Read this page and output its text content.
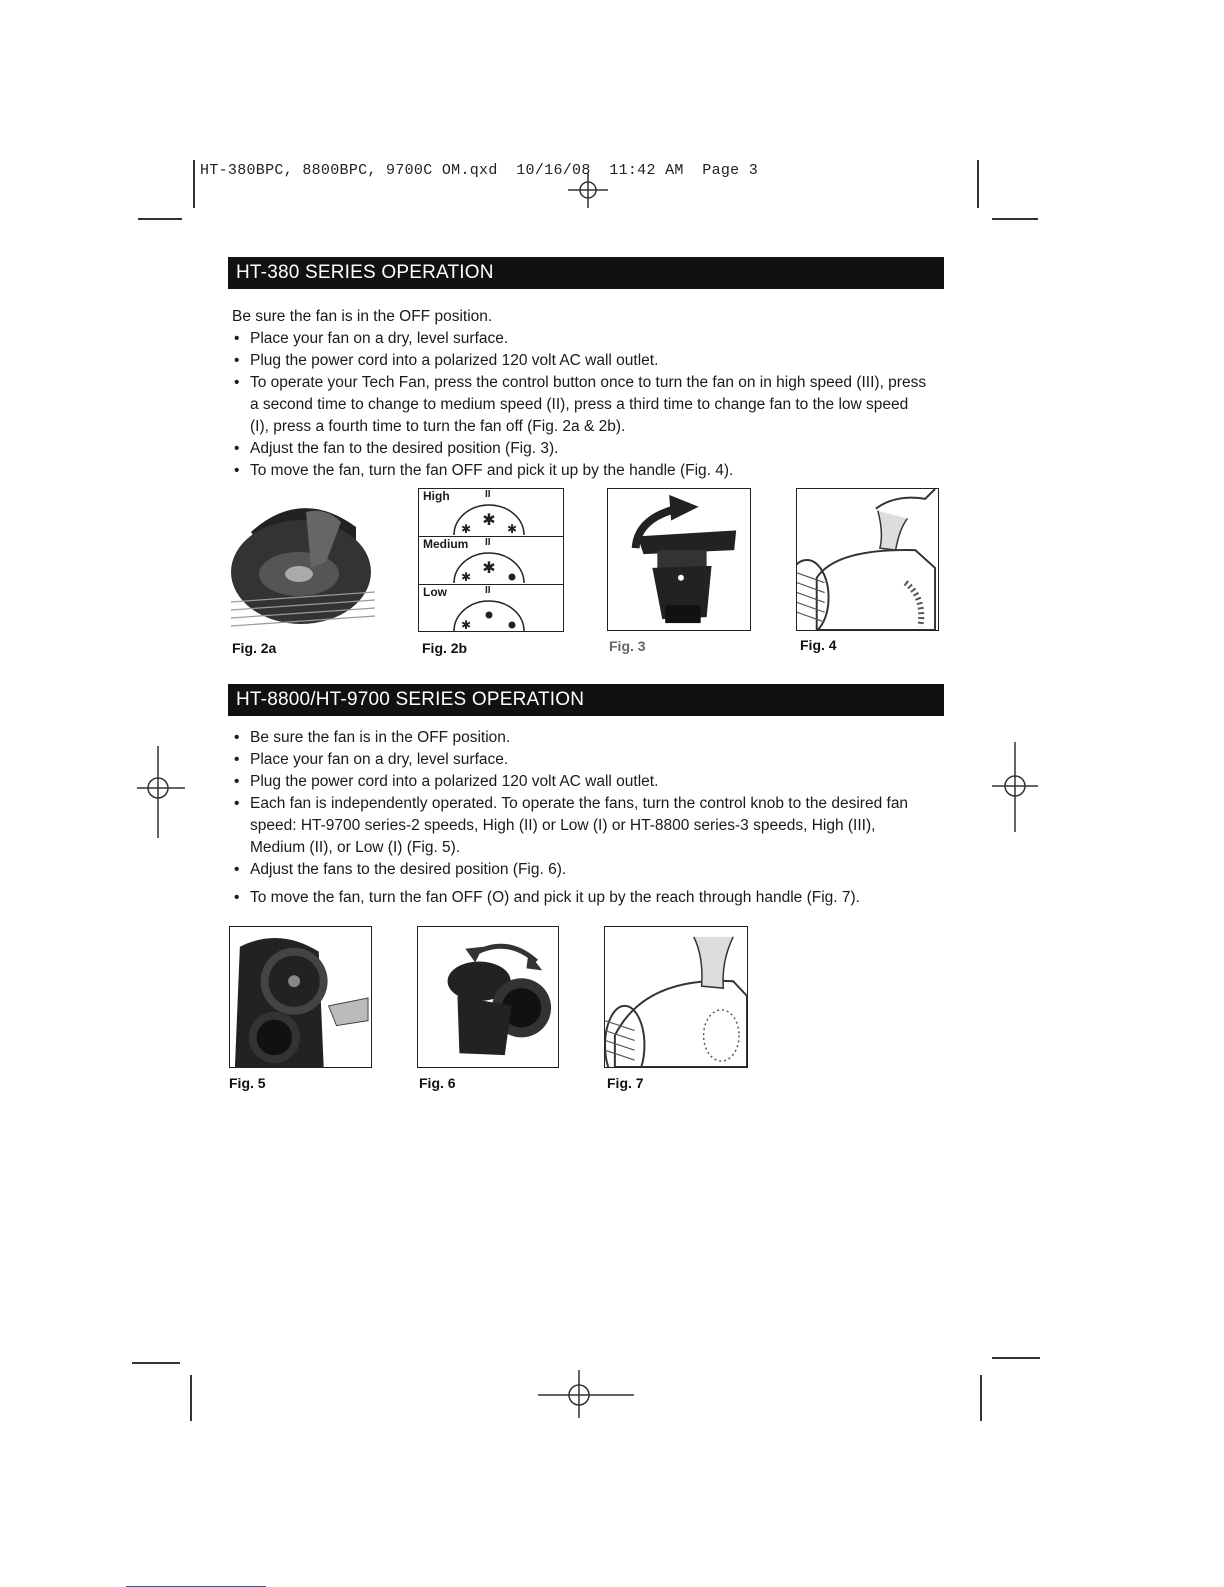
HT-380BPC, 8800BPC, 9700C OM.qxd  10/16/08  11:42 AM  Page 3
HT-380 SERIES OPERATION
Be sure the fan is in the OFF position.
• Place your fan on a dry, level surface.
• Plug the power cord into a polarized 120 volt AC wall outlet.
• To operate your Tech Fan, press the control button once to turn the fan on in high speed (III), press a second time to change to medium speed (II), press a third time to change fan to the low speed (I), press a fourth time to turn the fan off (Fig. 2a & 2b).
• Adjust the fan to the desired position (Fig. 3).
• To move the fan, turn the fan OFF and pick it up by the handle (Fig. 4).
Fig. 2a
High	II
✱
✱	✱
Medium II
✱
✱
Low	II
✱
Fig. 2b	Fig. 3	Fig. 4
HT-8800/HT-9700 SERIES OPERATION
• Be sure the fan is in the OFF position.
• Place your fan on a dry, level surface.
• Plug the power cord into a polarized 120 volt AC wall outlet.
• Each fan is independently operated. To operate the fans, turn the control knob to the desired fan speed: HT-9700 series-2 speeds, High (II) or Low (I) or HT-8800 series-3 speeds, High (III), Medium (II), or Low (I) (Fig. 5).
• Adjust the fans to the desired position (Fig. 6).
• To move the fan, turn the fan OFF (O) and pick it up by the reach through handle (Fig. 7).
Fig. 5	Fig. 6	Fig. 7
